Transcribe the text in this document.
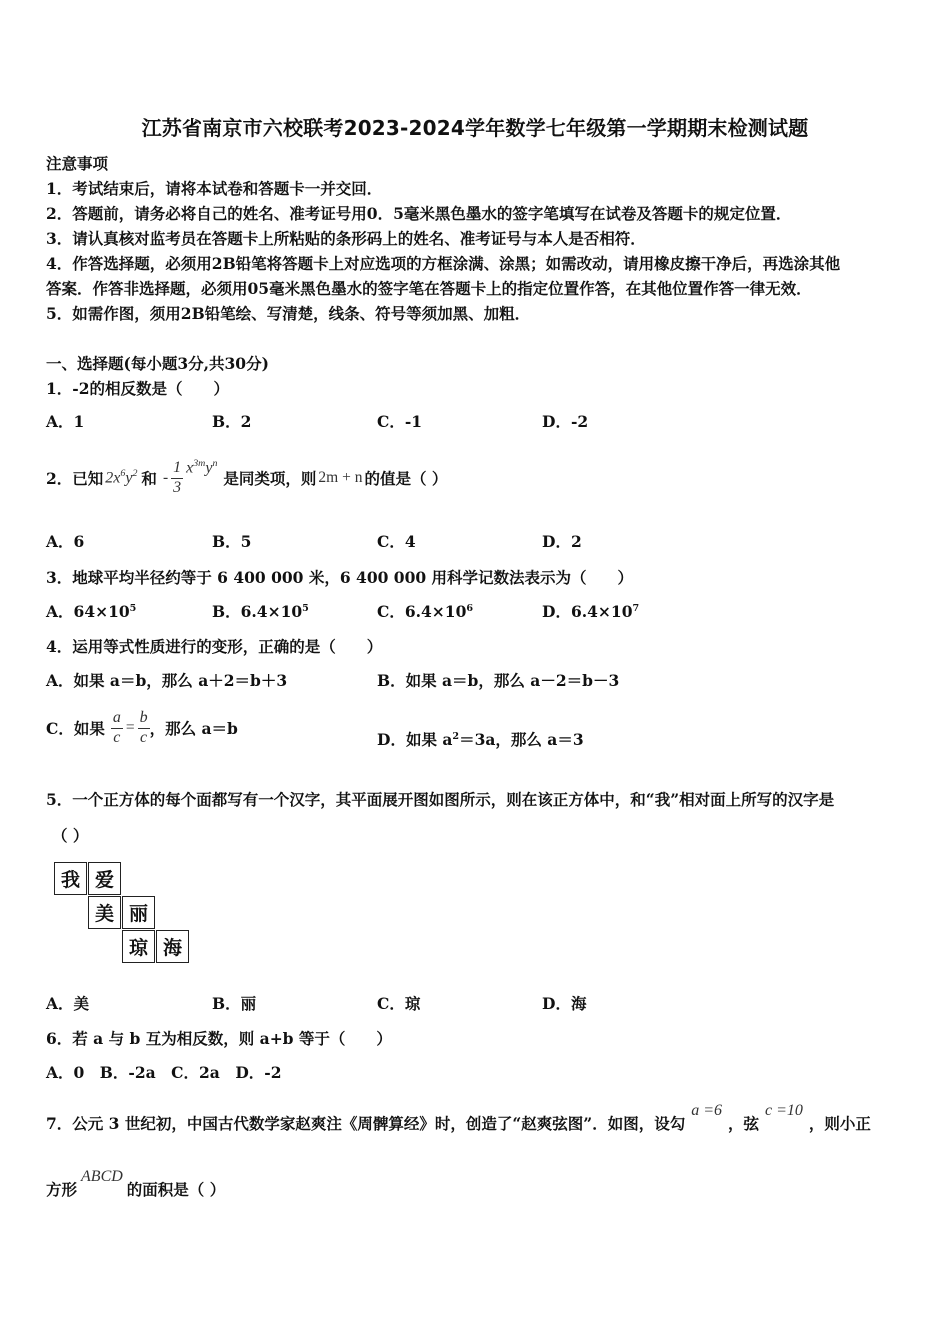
江苏省南京市六校联考2023-2024学年数学七年级第一学期期末检测试题
注意事项
1．考试结束后，请将本试卷和答题卡一并交回．
2．答题前，请务必将自己的姓名、准考证号用0．5毫米黑色墨水的签字笔填写在试卷及答题卡的规定位置．
3．请认真核对监考员在答题卡上所粘贴的条形码上的姓名、准考证号与本人是否相符．
4．作答选择题，必须用2B铅笔将答题卡上对应选项的方框涂满、涂黑；如需改动，请用橡皮擦干净后，再选涂其他
答案．作答非选择题，必须用05毫米黑色墨水的签字笔在答题卡上的指定位置作答，在其他位置作答一律无效．
5．如需作图，须用2B铅笔绘、写清楚，线条、符号等须加黑、加粗．
一、选择题(每小题3分,共30分)
1．-2的相反数是（　　）
A．1	B．2	C．-1	D．-2
2．已知 $2x^6y^2$ 和 - $\frac{1}{3} x^{3m}y^n$
是同类项，则 2m + n 的值是（ ）
A．6	B．5	C．4	D．2
3．地球平均半径约等于 6 400 000 米，6 400 000 用科学记数法表示为（　　）
A．$64\times 10^5$	B．$6.4\times 10^5$	C．$6.4\times 10^6$	D．$6.4\times 10^7$
4．运用等式性质进行的变形，正确的是（　　）
A．如果 a＝b，那么 a＋2＝b＋3	B．如果 a＝b，那么 a－2＝b－3
C．如果 $\frac{a}{c} = \frac{b}{c}$ ，那么 a＝b
D．如果 $a^2=3a$，那么 a＝3
5．一个正方体的每个面都写有一个汉字，其平面展开图如图所示，则在该正方体中，和“我”相对面上所写的汉字是
（ ）
我 爱
美 丽
琼 海
A．美	B．丽	C．琼	D．海
6．若 a 与 b 互为相反数，则 a+b 等于（　　）
A．0　B．-2a　C．2a　D．-2
7．公元 3 世纪初，中国古代数学家赵爽注《周髀算经》时，创造了“赵爽弦图”．如图，设勾
a =6
，弦
c =10
，则小正
方形
ABCD
的面积是（ ）
